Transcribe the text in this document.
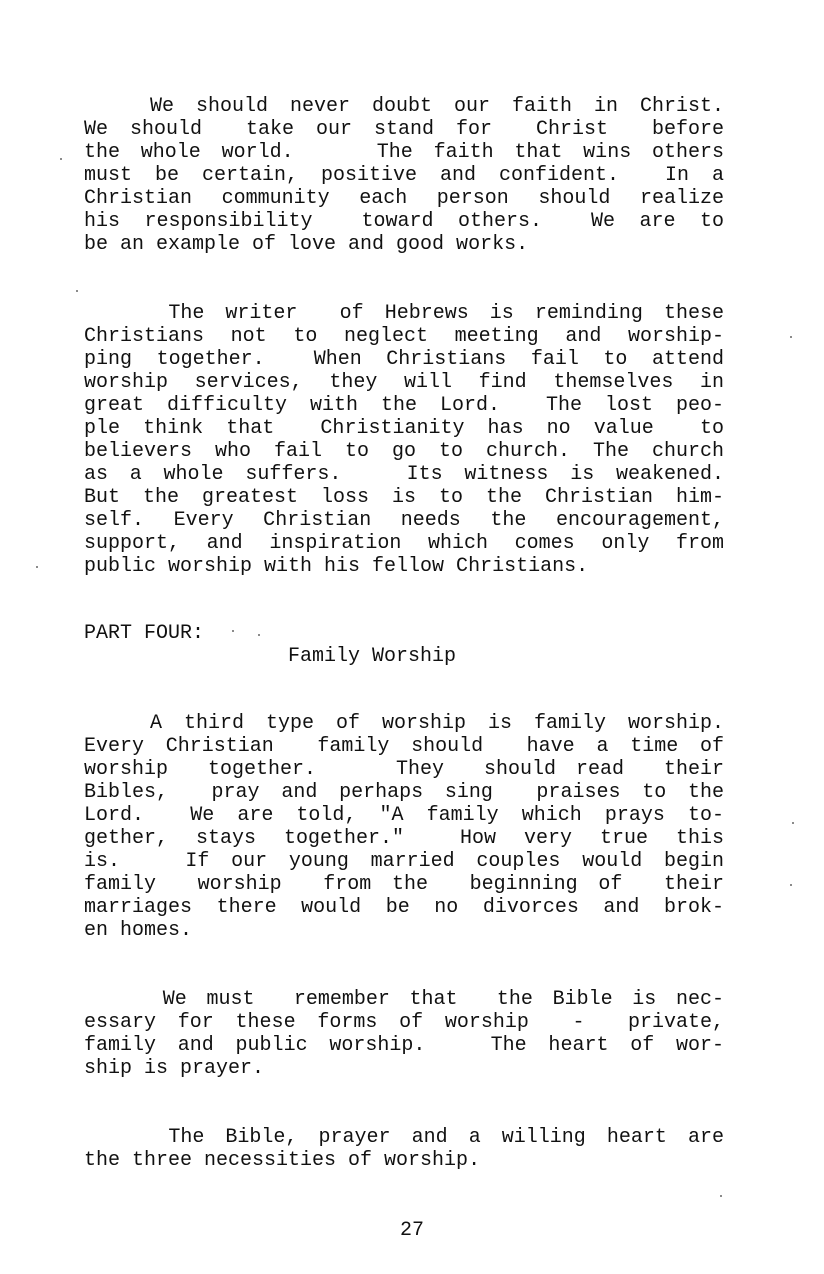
We should never doubt our faith in Christ.
We should  take our stand for  Christ  before
the whole world.    The faith that wins others
must be certain, positive and confident.  In a
Christian community each person should realize
his responsibility  toward others.  We are to
be an example of love and good works.
The writer  of Hebrews is reminding these
Christians not to neglect meeting and worship-
ping together.  When Christians fail to attend
worship services, they will find themselves in
great difficulty with the Lord.  The lost peo-
ple think that  Christianity has no value  to
believers who fail to go to church. The church
as a whole suffers.   Its witness is weakened.
But the greatest loss is to the Christian him-
self. Every Christian needs the encouragement,
support, and inspiration which comes only from
public worship with his fellow Christians.
PART FOUR:
Family Worship
A third type of worship is family worship.
Every Christian  family should  have a time of
worship  together.    They  should read  their
Bibles,  pray and perhaps sing  praises to the
Lord.  We are told, "A family which prays to-
gether, stays together."  How very true this
is.   If our young married couples would begin
family  worship  from the  beginning of  their
marriages there would be no divorces and brok-
en homes.
We must  remember that  the Bible is nec-
essary for these forms of worship  -  private,
family and public worship.   The heart of wor-
ship is prayer.
The Bible, prayer and a willing heart are
the three necessities of worship.
27
